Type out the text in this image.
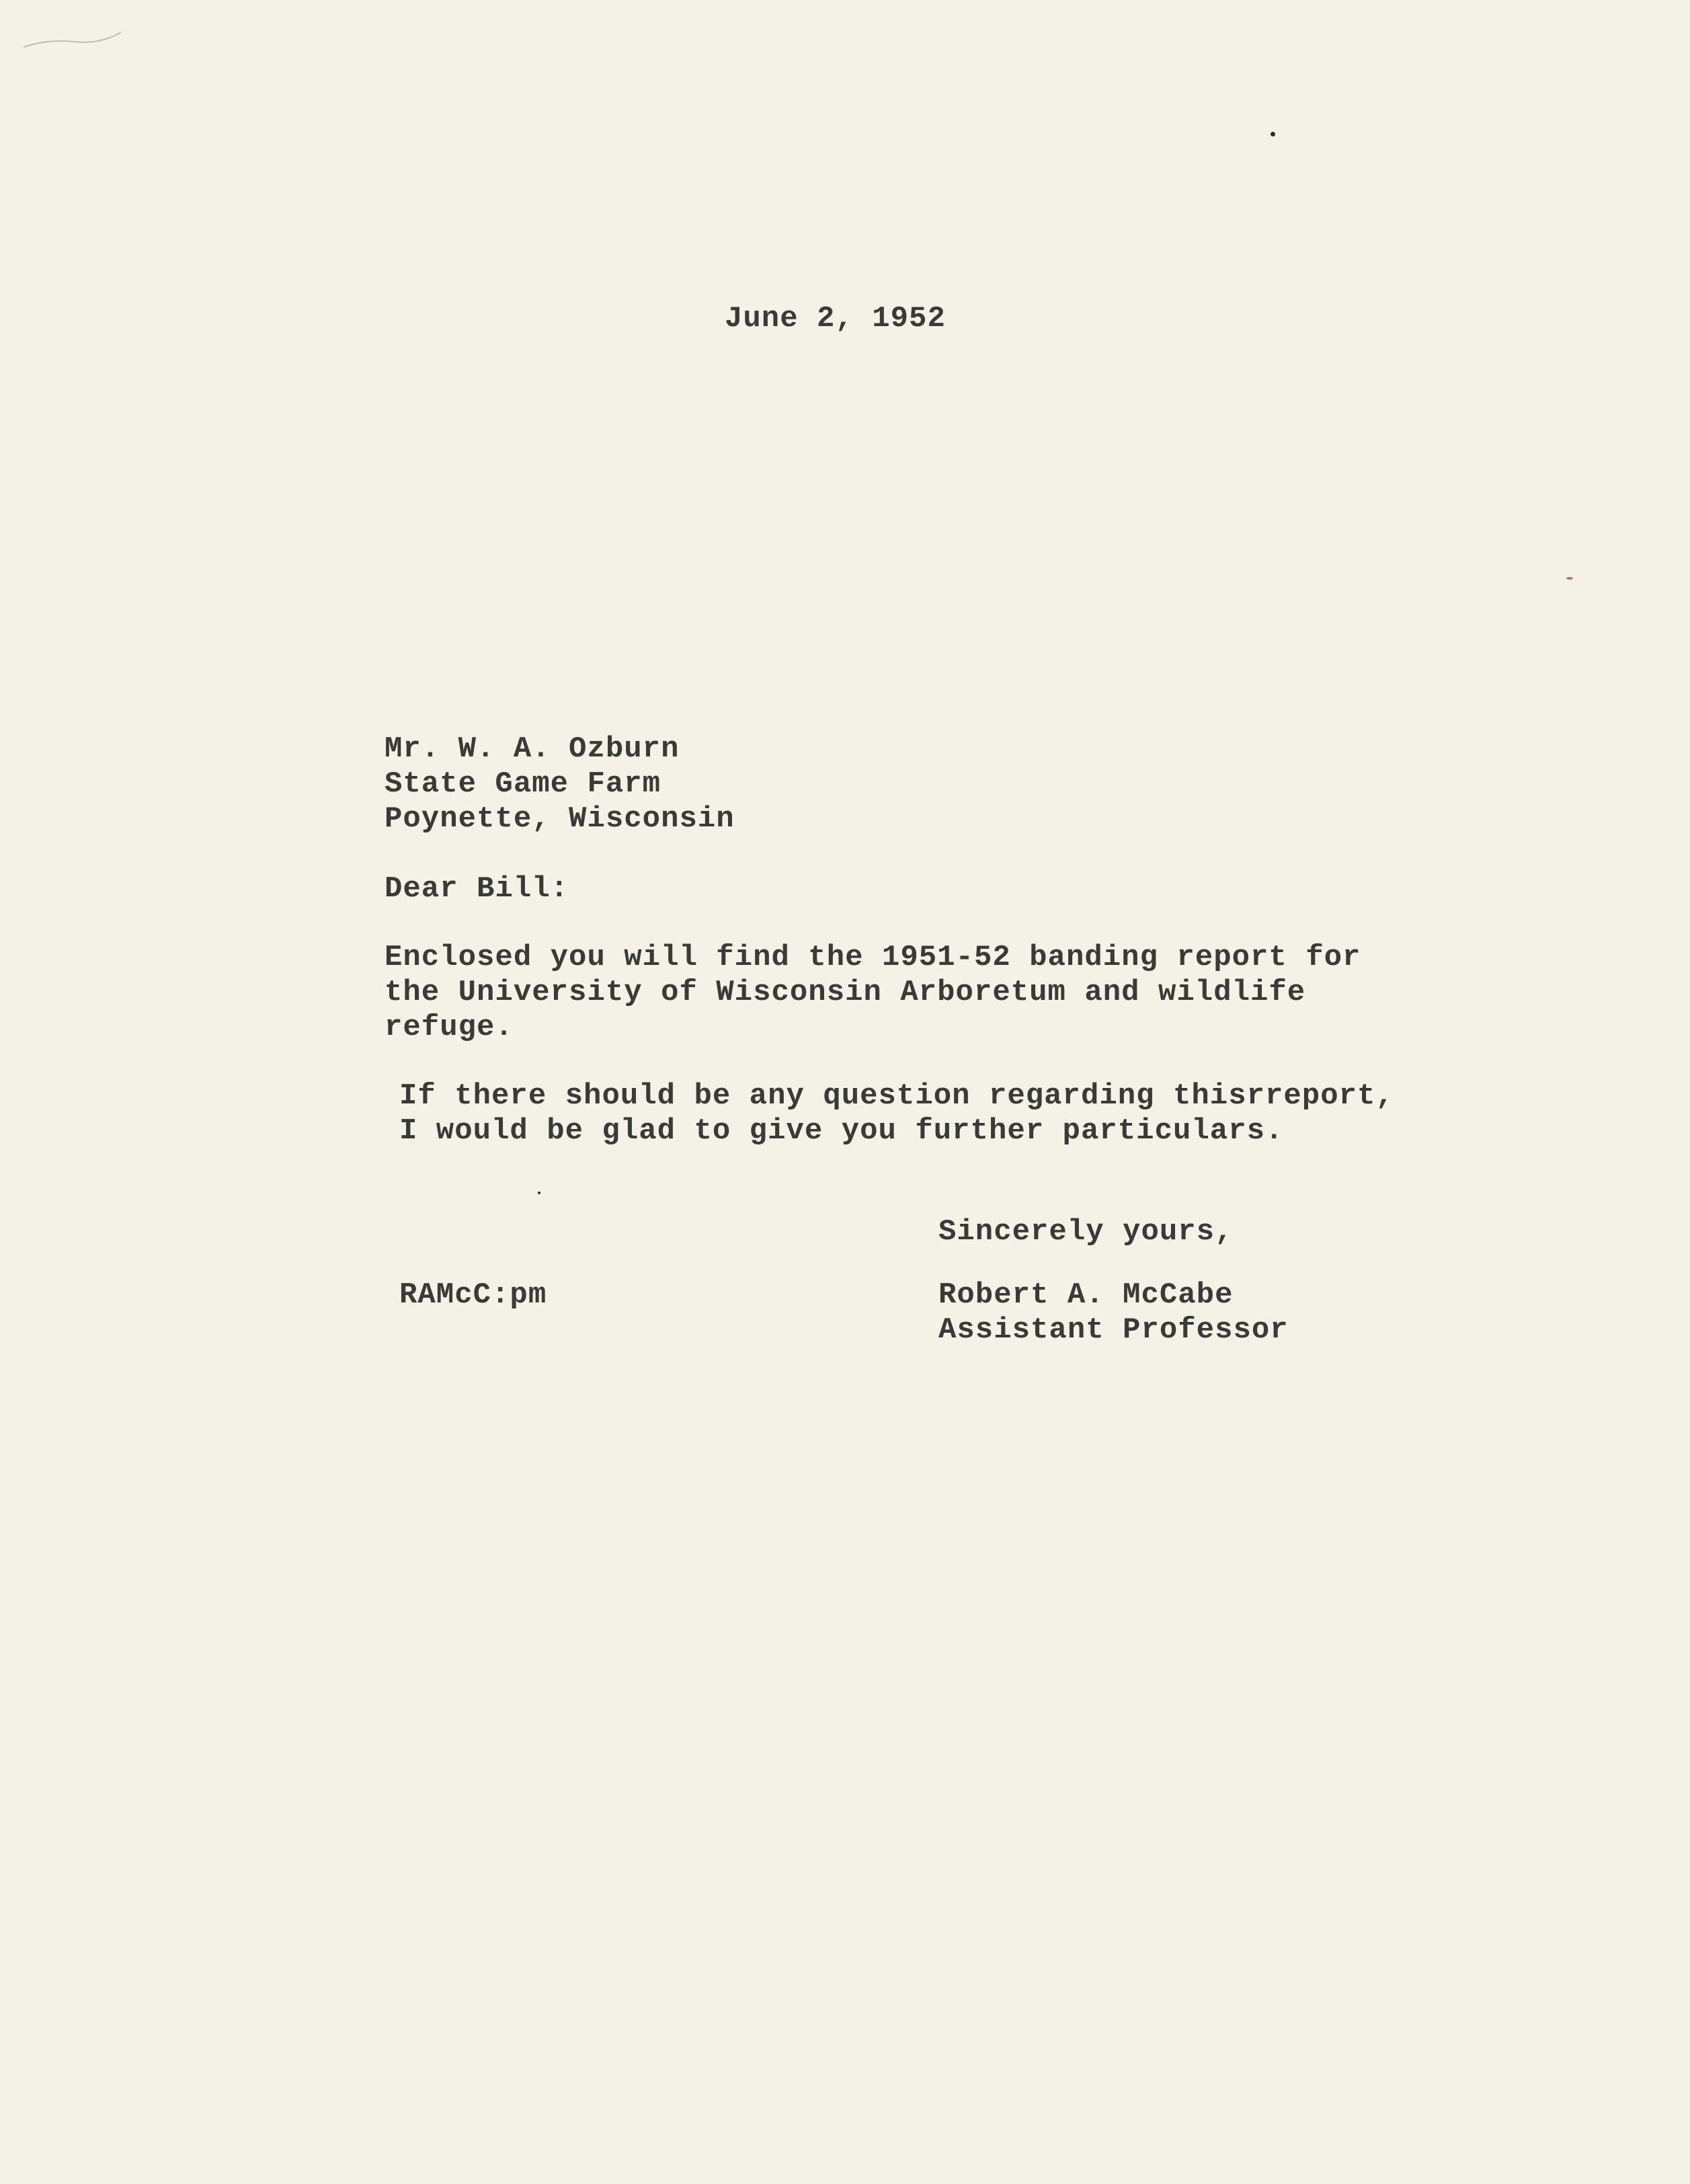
June 2, 1952
Mr. W. A. Ozburn
State Game Farm
Poynette, Wisconsin
Dear Bill:
Enclosed you will find the 1951-52 banding report for
the University of Wisconsin Arboretum and wildlife
refuge.
If there should be any question regarding thisrreport,
I would be glad to give you further particulars.
Sincerely yours,
RAMcC:pm	Robert A. McCabe
Assistant Professor
